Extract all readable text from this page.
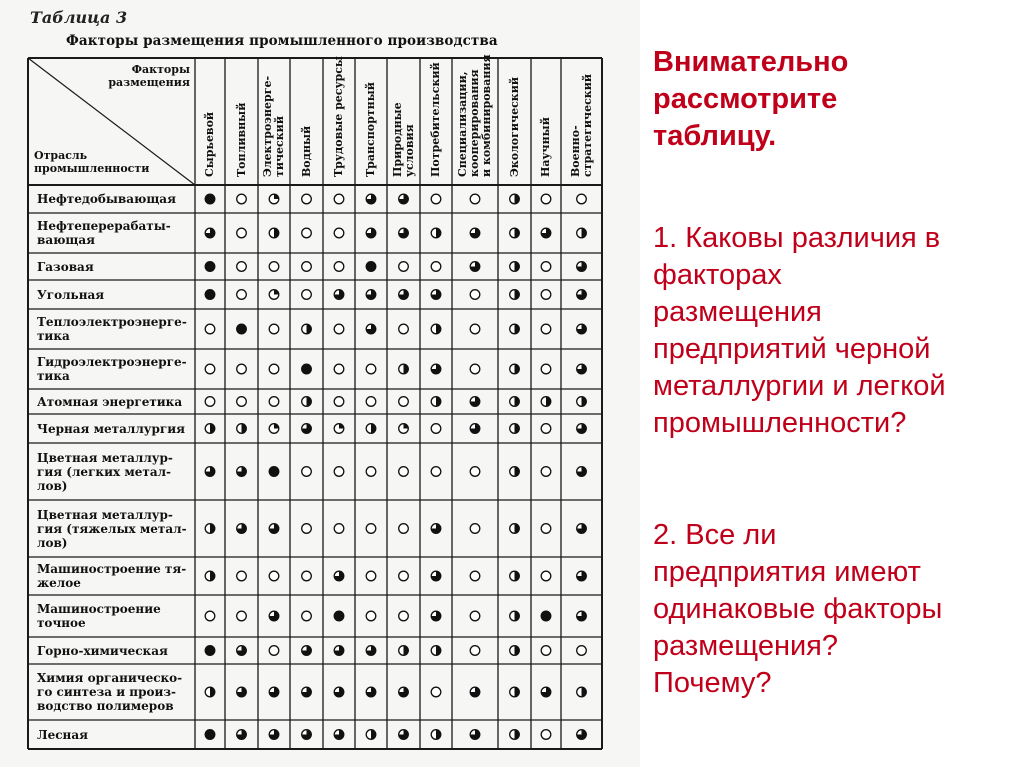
Таблица 3
Факторы размещения промышленного производства
Факторы
размещения
Отрасль
промышленности	Сырьевой Топливный Электроэнерге- тический Водный Трудовые ресурсы Транспортный Природные условия Потребительский Специализации, кооперирования и комбинирования Экологический Научный Военно- стратегический
Нефтедобывающая
Нефтеперерабаты-
вающая
Газовая
Угольная
Теплоэлектроэнерге-
тика
Гидроэлектроэнерге-
тика
Атомная энергетика
Черная металлургия
Цветная металлур-
гия (легких метал-
лов)
Цветная металлур-
гия (тяжелых метал-
лов)
Машиностроение тя-
желое
Машиностроение
точное
Горно-химическая
Химия органическо-
го синтеза и произ-
водство полимеров
Лесная
Внимательно
рассмотрите
таблицу.

1. Каковы различия в
факторах
размещения
предприятий черной
металлургии и легкой
промышленности?

2. Все ли
предприятия имеют
одинаковые факторы
размещения?
Почему?
